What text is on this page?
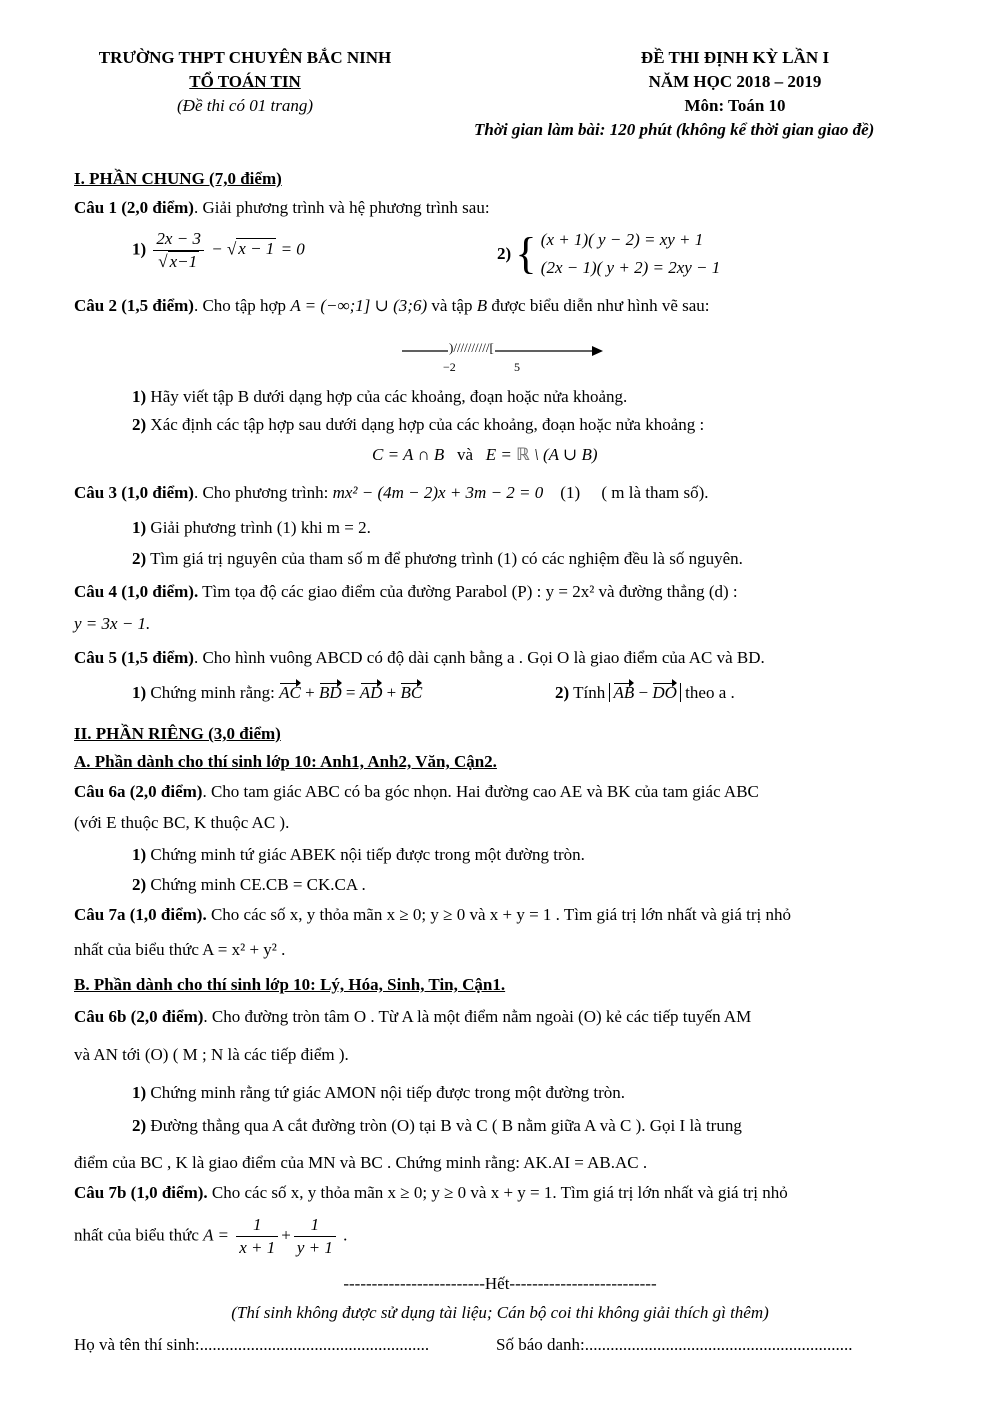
TRƯỜNG THPT CHUYÊN BẮC NINH
TỔ TOÁN TIN
(Đề thi có 01 trang)
ĐỀ THI ĐỊNH KỲ LẦN I
NĂM HỌC 2018 – 2019
Môn: Toán 10
Thời gian làm bài: 120 phút (không kể thời gian giao đề)
I. PHẦN CHUNG (7,0 điểm)
Câu 1 (2,0 điểm). Giải phương trình và hệ phương trình sau:
$1) \frac{2x - 3}{√ x-1}$ − √ x − 1 = 0	2) { (x + 1)( y − 2) = xy + 1
(2x − 1)( y + 2) = 2xy − 1
Câu 2 (1,5 điểm). Cho tập hợp A = (−∞;1] ∪ (3;6) và tập B được biểu diễn như hình vẽ sau:
)//////////[
−2	5
1) Hãy viết tập B dưới dạng hợp của các khoảng, đoạn hoặc nửa khoảng.
2) Xác định các tập hợp sau dưới dạng hợp của các khoảng, đoạn hoặc nửa khoảng :
C = A ∩ B và E = ℝ \ (A ∪ B)
Câu 3 (1,0 điểm). Cho phương trình: mx² − (4m − 2)x + 3m − 2 = 0 (1) ( m là tham số).
1) Giải phương trình (1) khi m = 2.
2) Tìm giá trị nguyên của tham số m để phương trình (1) có các nghiệm đều là số nguyên.
Câu 4 (1,0 điểm). Tìm tọa độ các giao điểm của đường Parabol (P) : y = 2x² và đường thẳng (d) :
y = 3x − 1.
Câu 5 (1,5 điểm). Cho hình vuông ABCD có độ dài cạnh bằng a . Gọi O là giao điểm của AC và BD.
1) Chứng minh rằng: AC + BD = AD + BC	2) Tính AB − DO theo a .
II. PHẦN RIÊNG (3,0 điểm)
A. Phần dành cho thí sinh lớp 10: Anh1, Anh2, Văn, Cận2.
Câu 6a (2,0 điểm). Cho tam giác ABC có ba góc nhọn. Hai đường cao AE và BK của tam giác ABC
(với E thuộc BC, K thuộc AC ).
1) Chứng minh tứ giác ABEK nội tiếp được trong một đường tròn.
2) Chứng minh CE.CB = CK.CA .
Câu 7a (1,0 điểm). Cho các số x, y thỏa mãn x ≥ 0; y ≥ 0 và x + y = 1 . Tìm giá trị lớn nhất và giá trị nhỏ
nhất của biểu thức A = x² + y² .
B. Phần dành cho thí sinh lớp 10: Lý, Hóa, Sinh, Tin, Cận1.
Câu 6b (2,0 điểm). Cho đường tròn tâm O . Từ A là một điểm nằm ngoài (O) kẻ các tiếp tuyến AM
và AN tới (O) ( M ; N là các tiếp điểm ).
1) Chứng minh rằng tứ giác AMON nội tiếp được trong một đường tròn.
2) Đường thẳng qua A cắt đường tròn (O) tại B và C ( B nằm giữa A và C ). Gọi I là trung
điểm của BC , K là giao điểm của MN và BC . Chứng minh rằng: AK.AI = AB.AC .
Câu 7b (1,0 điểm). Cho các số x, y thỏa mãn x ≥ 0; y ≥ 0 và x + y = 1. Tìm giá trị lớn nhất và giá trị nhỏ
nhất của biểu thức $A = \frac{1}{x + 1} + \frac{1}{y + 1}$ .
-------------------------Hết--------------------------
(Thí sinh không được sử dụng tài liệu; Cán bộ coi thi không giải thích gì thêm)
Họ và tên thí sinh:......................................................	Số báo danh:...............................................................
